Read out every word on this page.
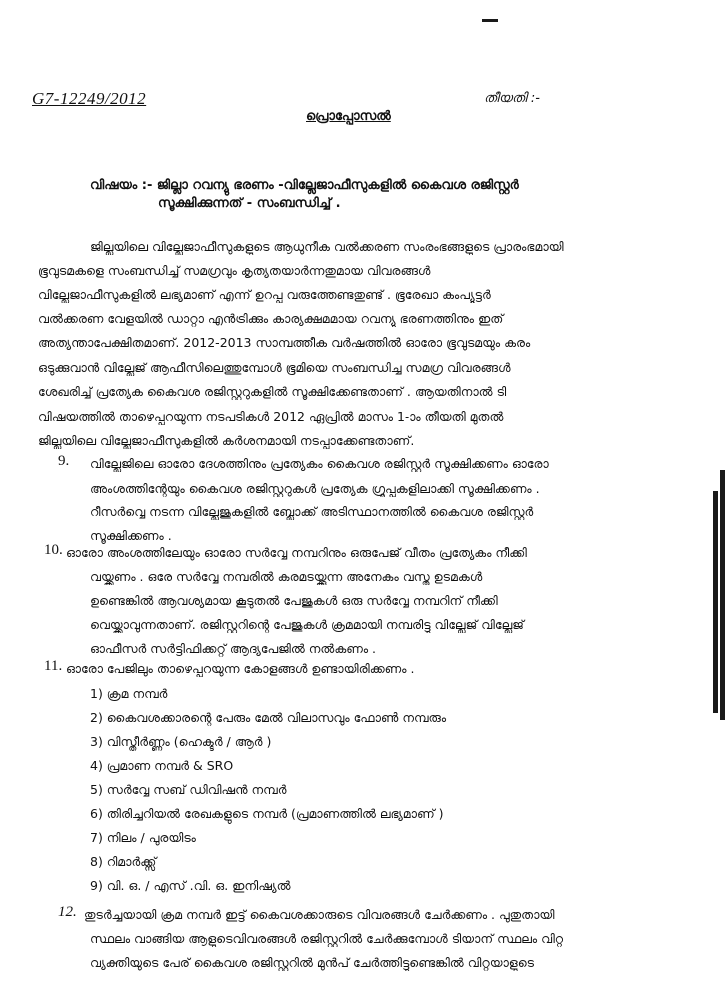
G7-12249/2012	തീയതി :-
പ്രൊപ്പോസൽ
വിഷയം :- ജില്ലാ റവന്യു ഭരണം -വില്ലേജാഫീസുകളിൽ കൈവശ രജിസ്റ്റർ
സൂക്ഷിക്കുന്നത് - സംബന്ധിച്ച് .
ജില്ലയിലെ വില്ലേജാഫീസുകളുടെ ആധുനീക വൽക്കരണ സംരംഭങ്ങളുടെ പ്രാരംഭമായി
ഭൂവുടമകളെ സംബന്ധിച്ച് സമഗ്രവും കൃത്യതയാർന്നതുമായ വിവരങ്ങൾ
വില്ലേജാഫീസുകളിൽ ലഭ്യമാണ് എന്ന് ഉറപ്പു വരുത്തേണ്ടതുണ്ട് . ഭൂരേഖാ കംപ്യൂട്ടർ
വൽക്കരണ വേളയിൽ ഡാറ്റാ എൻട്രിക്കും കാര്യക്ഷമമായ റവന്യു ഭരണത്തിനും ഇത്
അത്യന്താപേക്ഷിതമാണ്. 2012-2013 സാമ്പത്തീക വർഷത്തിൽ ഓരോ ഭൂവുടമയും കരം
ഒടുക്കുവാൻ വില്ലേജ് ആഫീസിലെത്തുമ്പോൾ ഭൂമിയെ സംബന്ധിച്ച സമഗ്ര വിവരങ്ങൾ
ശേഖരിച്ച് പ്രത്യേക കൈവശ രജിസ്റ്ററുകളിൽ സൂക്ഷിക്കേണ്ടതാണ് . ആയതിനാൽ ടി
വിഷയത്തിൽ താഴെപ്പറയുന്ന നടപടികൾ 2012 ഏപ്രിൽ മാസം 1-ാം തീയതി മുതൽ
ജില്ലയിലെ വില്ലേജാഫീസുകളിൽ കർശനമായി നടപ്പാക്കേണ്ടതാണ്.
9. വില്ലേജിലെ ഓരോ ദേശത്തിനും പ്രത്യേകം കൈവശ രജിസ്റ്റർ സൂക്ഷിക്കണം ഓരോ
അംശത്തിന്റേയും കൈവശ രജിസ്റ്ററുകൾ പ്രത്യേക ഗ്രൂപ്പുകളിലാക്കി സൂക്ഷിക്കണം .
റീസർവ്വെ നടന്ന വില്ലേജുകളിൽ ബ്ലോക്ക് അടിസ്ഥാനത്തിൽ കൈവശ രജിസ്റ്റർ
സൂക്ഷിക്കണം .
10. ഓരോ അംശത്തിലേയും ഓരോ സർവ്വേ നമ്പറിനും ഒരുപേജ് വീതം പ്രത്യേകം നീക്കി
വയ്ക്കണം . ഒരേ സർവ്വേ നമ്പരിൽ കരമടയ്ക്കുന്ന അനേകം വസ്തു ഉടമകൾ
ഉണ്ടെങ്കിൽ ആവശ്യമായ കൂടുതൽ പേജുകൾ ഒരു സർവ്വേ നമ്പറിന് നീക്കി
വെയ്ക്കാവുന്നതാണ്. രജിസ്റ്ററിന്റെ പേജുകൾ ക്രമമായി നമ്പരിട്ടു വില്ലേജ് വില്ലേജ്
ഓഫീസർ സർട്ടിഫിക്കറ്റ് ആദ്യപേജിൽ നൽകണം .
11. ഓരോ പേജിലും താഴെപ്പറയുന്ന കോളങ്ങൾ ഉണ്ടായിരിക്കണം .
1) ക്രമ നമ്പർ
2) കൈവശക്കാരന്റെ പേരും മേൽ വിലാസവും ഫോൺ നമ്പരും
3) വിസ്തീർണ്ണം (ഹെക്ടർ / ആർ )
4) പ്രമാണ നമ്പർ & SRO
5) സർവ്വേ സബ് ഡിവിഷൻ നമ്പർ
6) തിരിച്ചറിയൽ രേഖകളുടെ നമ്പർ (പ്രമാണത്തിൽ ലഭ്യമാണ് )
7) നിലം / പുരയിടം
8) റിമാർക്ക്സ്
9) വി. ഒ. / എസ് .വി. ഒ. ഇനിഷ്യൽ
12. തുടർച്ചയായി ക്രമ നമ്പർ ഇട്ട് കൈവശക്കാരുടെ വിവരങ്ങൾ ചേർക്കണം . പുതുതായി
സ്ഥലം വാങ്ങിയ ആളുടെവിവരങ്ങൾ രജിസ്റ്ററിൽ ചേർക്കുമ്പോൾ ടിയാന് സ്ഥലം വിറ്റ
വ്യക്തിയുടെ പേര് കൈവശ രജിസ്റ്ററിൽ മുൻപ് ചേർത്തിട്ടുണ്ടെങ്കിൽ വിറ്റയാളുടെ
